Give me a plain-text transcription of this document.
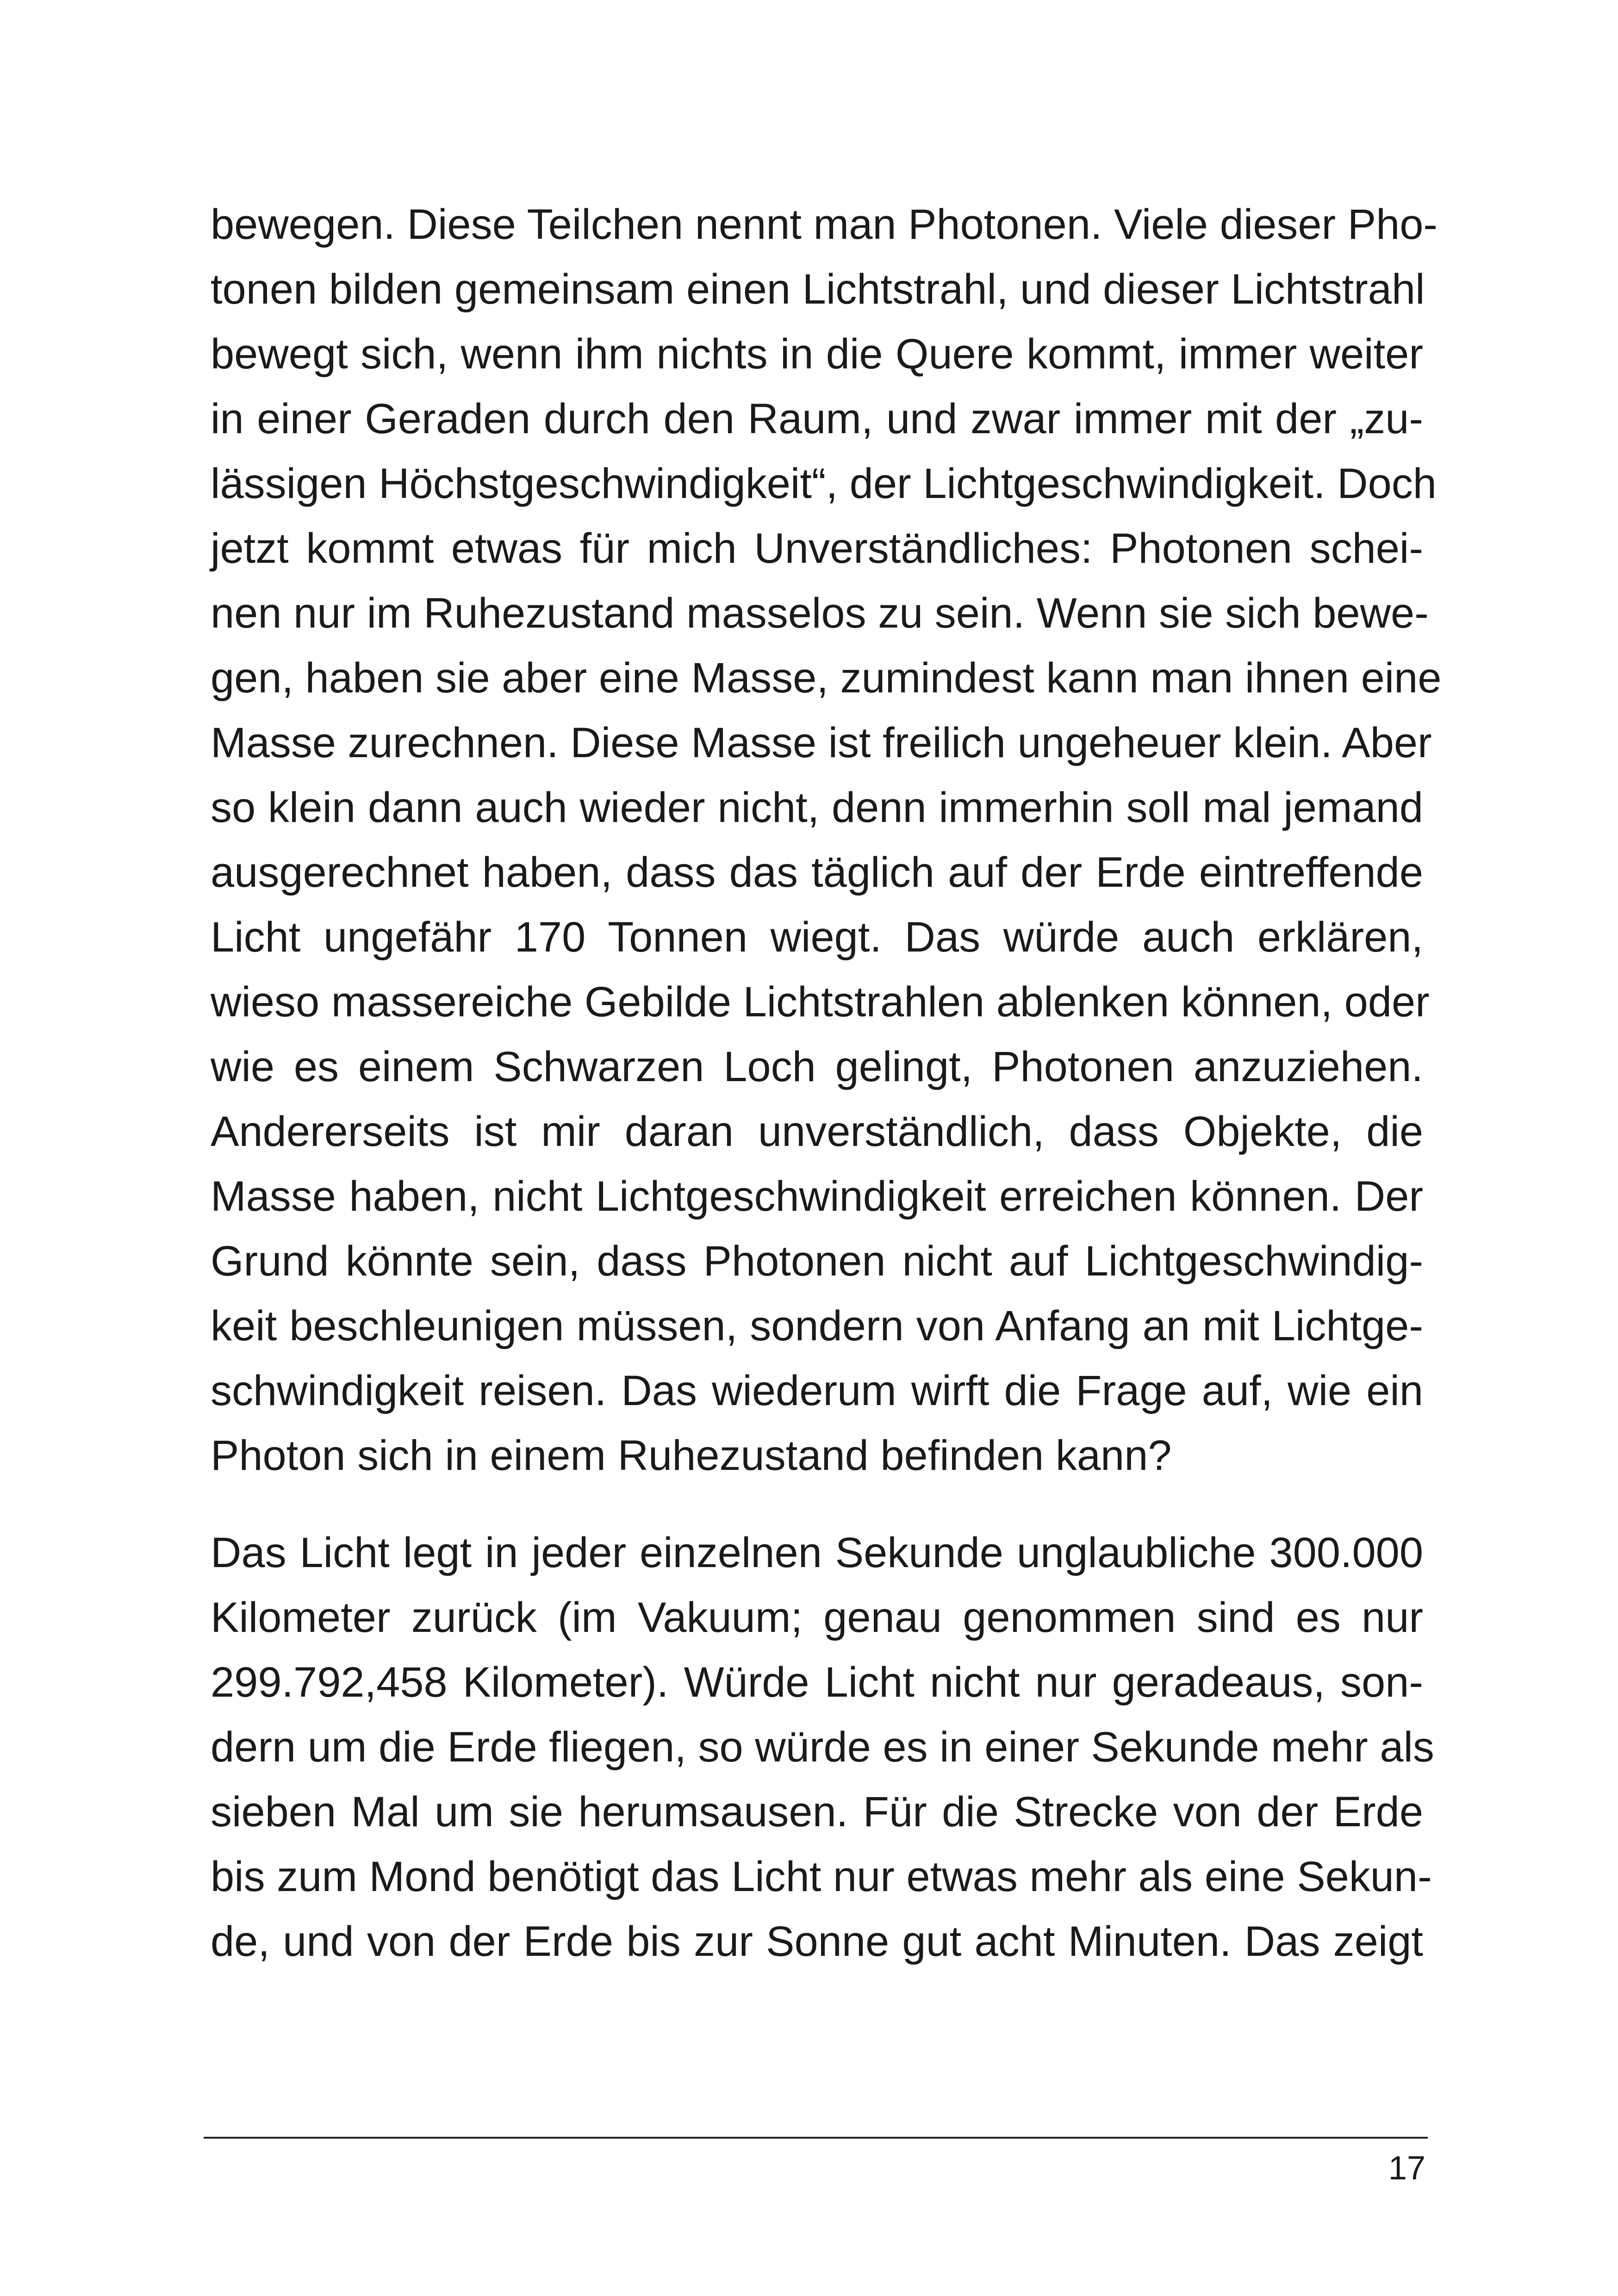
bewegen. Diese Teilchen nennt man Photonen. Viele dieser Pho-
tonen bilden gemeinsam einen Lichtstrahl, und dieser Lichtstrahl
bewegt sich, wenn ihm nichts in die Quere kommt, immer weiter
in einer Geraden durch den Raum, und zwar immer mit der „zu-
lässigen Höchstgeschwindigkeit“, der Lichtgeschwindigkeit. Doch
jetzt kommt etwas für mich Unverständliches: Photonen schei-
nen nur im Ruhezustand masselos zu sein. Wenn sie sich bewe-
gen, haben sie aber eine Masse, zumindest kann man ihnen eine
Masse zurechnen. Diese Masse ist freilich ungeheuer klein. Aber
so klein dann auch wieder nicht, denn immerhin soll mal jemand
ausgerechnet haben, dass das täglich auf der Erde eintreffende
Licht ungefähr 170 Tonnen wiegt. Das würde auch erklären,
wieso massereiche Gebilde Lichtstrahlen ablenken können, oder
wie es einem Schwarzen Loch gelingt, Photonen anzuziehen.
Andererseits ist mir daran unverständlich, dass Objekte, die
Masse haben, nicht Lichtgeschwindigkeit erreichen können. Der
Grund könnte sein, dass Photonen nicht auf Lichtgeschwindig-
keit beschleunigen müssen, sondern von Anfang an mit Lichtge-
schwindigkeit reisen. Das wiederum wirft die Frage auf, wie ein
Photon sich in einem Ruhezustand befinden kann?
Das Licht legt in jeder einzelnen Sekunde unglaubliche 300.000
Kilometer zurück (im Vakuum; genau genommen sind es nur
299.792,458 Kilometer). Würde Licht nicht nur geradeaus, son-
dern um die Erde fliegen, so würde es in einer Sekunde mehr als
sieben Mal um sie herumsausen. Für die Strecke von der Erde
bis zum Mond benötigt das Licht nur etwas mehr als eine Sekun-
de, und von der Erde bis zur Sonne gut acht Minuten. Das zeigt
17
